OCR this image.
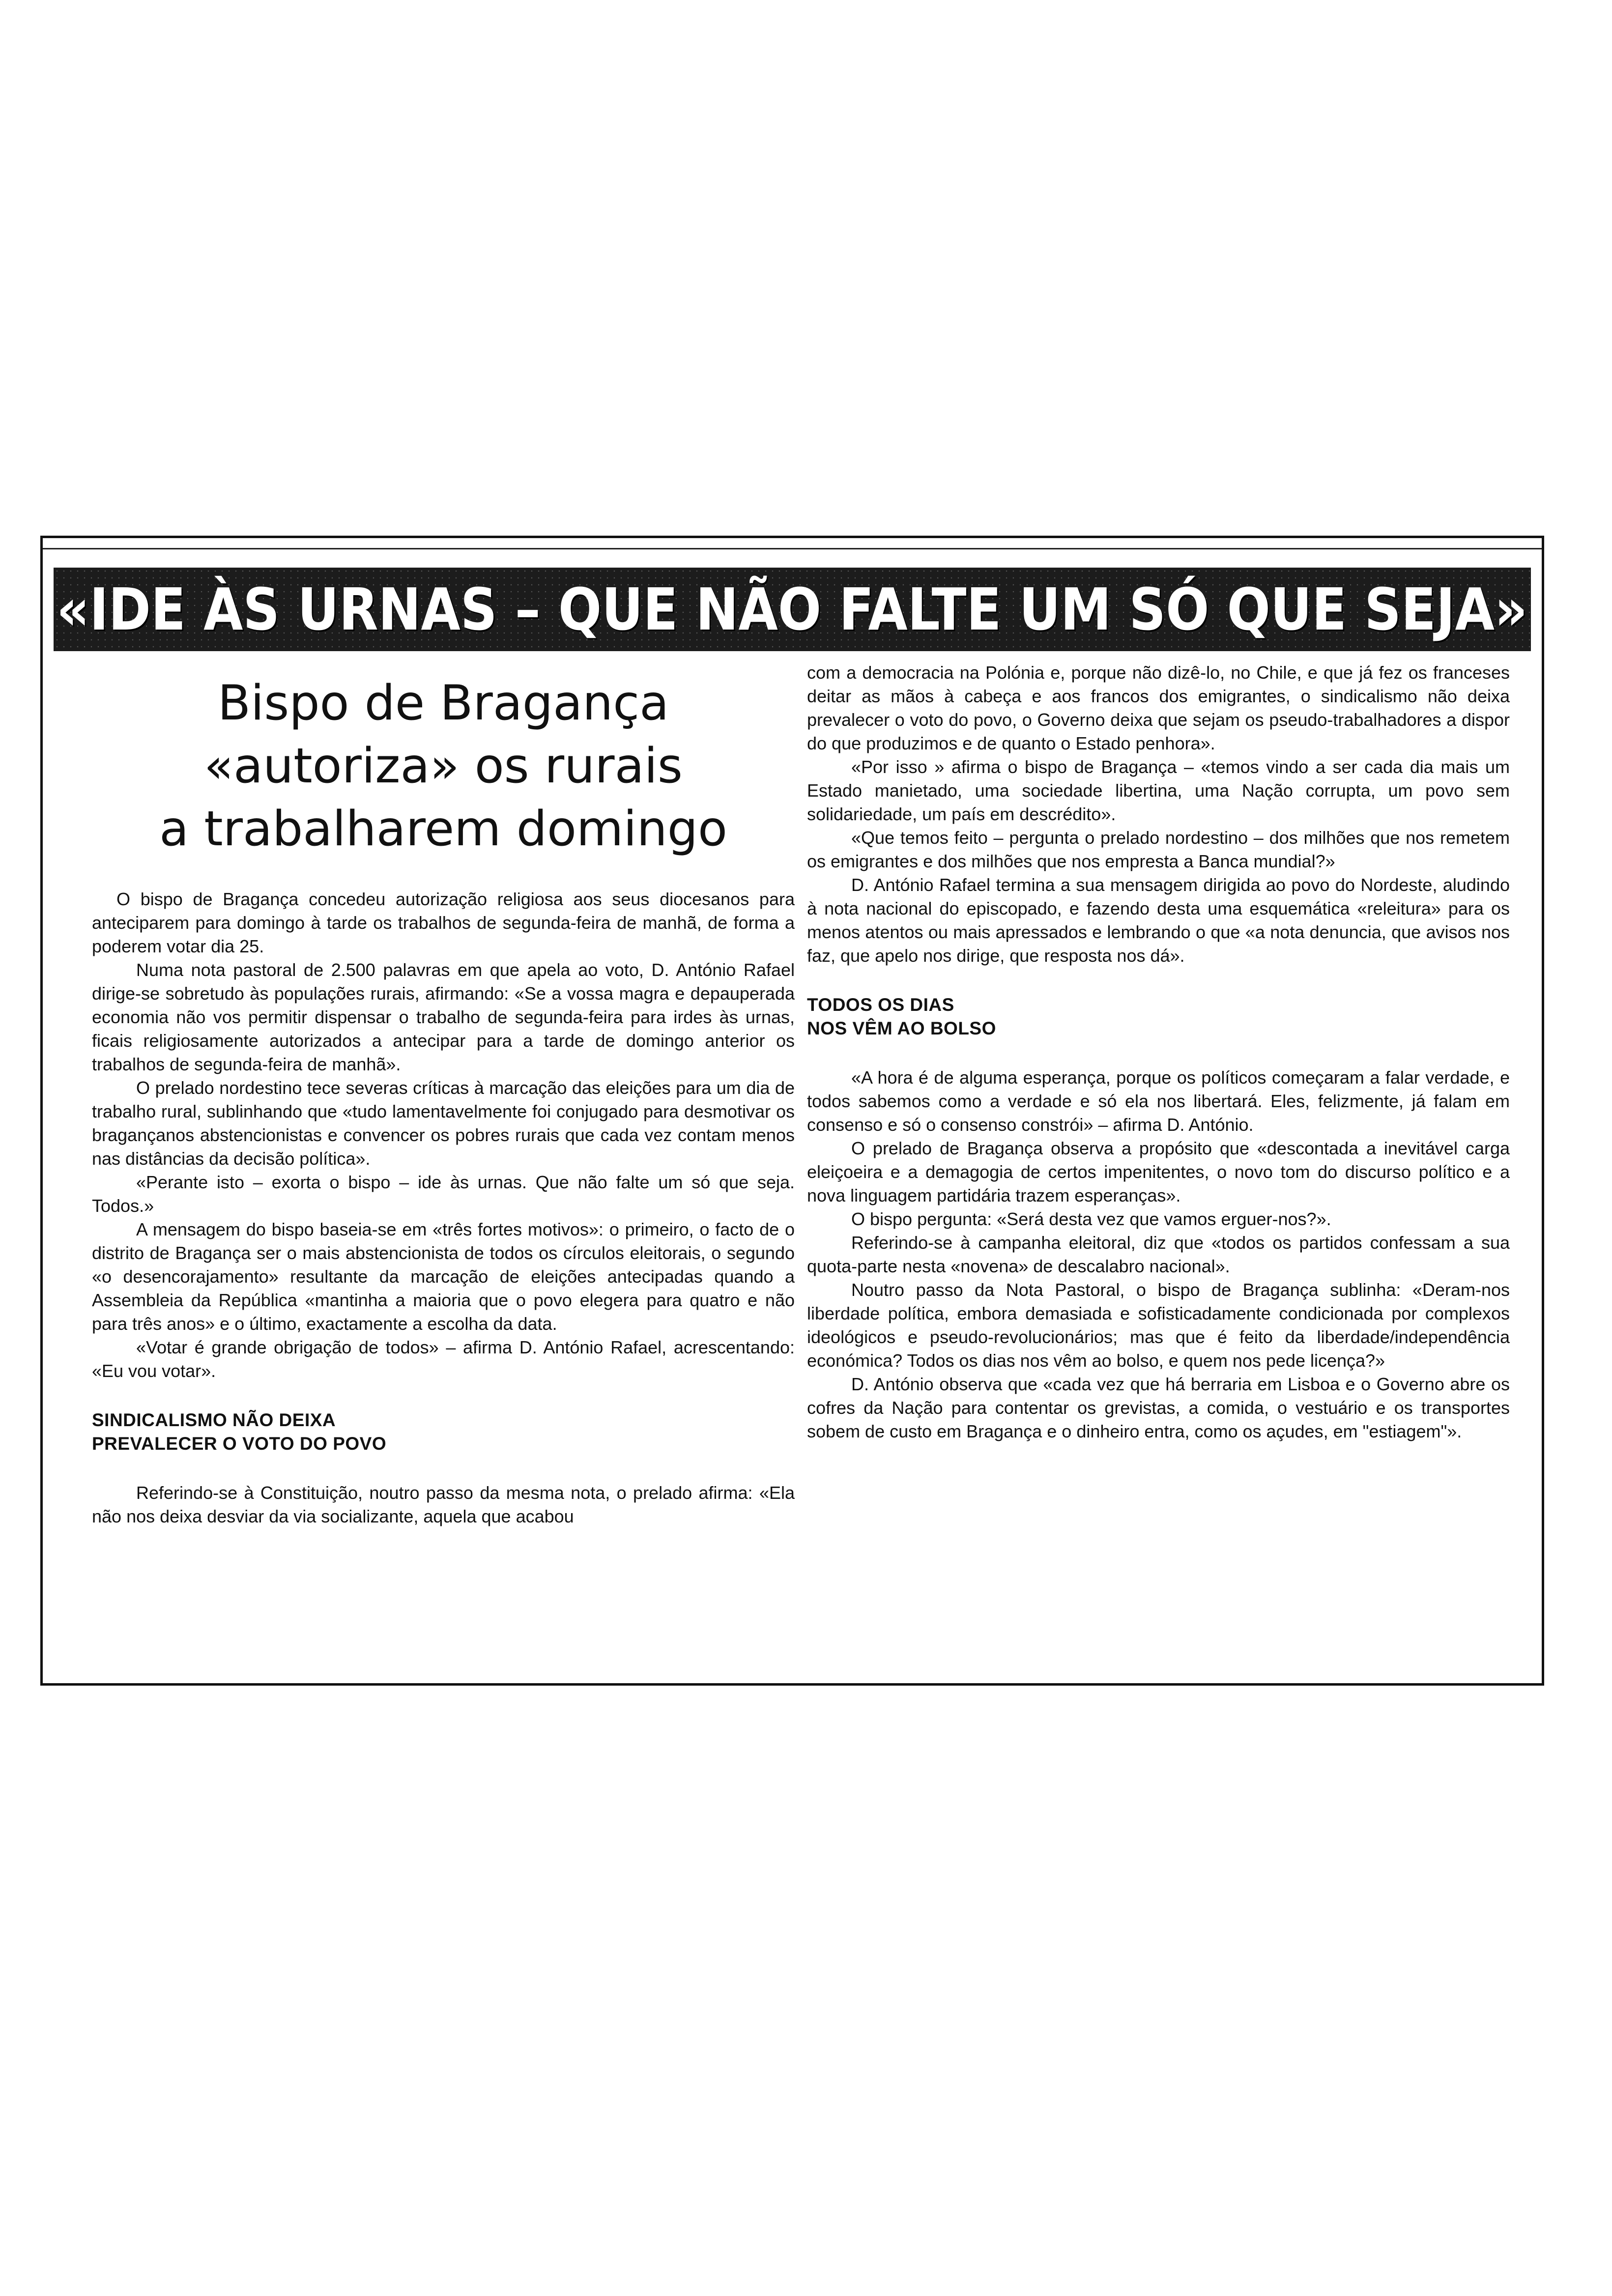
«IDE ÀS URNAS – QUE NÃO FALTE UM SÓ QUE SEJA»
Bispo de Bragança
«autoriza» os rurais
a trabalharem domingo

O bispo de Bragança concedeu autorização religiosa aos seus diocesanos para anteciparem para domingo à tarde os trabalhos de segunda-feira de manhã, de forma a poderem votar dia 25.

Numa nota pastoral de 2.500 palavras em que apela ao voto, D. António Rafael dirige-se sobretudo às populações rurais, afirmando: «Se a vossa magra e depauperada economia não vos permitir dispensar o trabalho de segunda-feira para irdes às urnas, ficais religiosamente autorizados a antecipar para a tarde de domingo anterior os trabalhos de segunda-feira de manhã».

O prelado nordestino tece severas críticas à marcação das eleições para um dia de trabalho rural, sublinhando que «tudo lamentavelmente foi conjugado para desmotivar os bragançanos abstencionistas e convencer os pobres rurais que cada vez contam menos nas distâncias da decisão política».

«Perante isto – exorta o bispo – ide às urnas. Que não falte um só que seja. Todos.»

A mensagem do bispo baseia-se em «três fortes motivos»: o primeiro, o facto de o distrito de Bragança ser o mais abstencionista de todos os círculos eleitorais, o segundo «o desencorajamento» resultante da marcação de eleições antecipadas quando a Assembleia da República «mantinha a maioria que o povo elegera para quatro e não para três anos» e o último, exactamente a escolha da data.

«Votar é grande obrigação de todos» – afirma D. António Rafael, acrescentando: «Eu vou votar».

SINDICALISMO NÃO DEIXA
PREVALECER O VOTO DO POVO

Referindo-se à Constituição, noutro passo da mesma nota, o prelado afirma: «Ela não nos deixa desviar da via socializante, aquela que acabou

com a democracia na Polónia e, porque não dizê-lo, no Chile, e que já fez os franceses deitar as mãos à cabeça e aos francos dos emigrantes, o sindicalismo não deixa prevalecer o voto do povo, o Governo deixa que sejam os pseudo-trabalhadores a dispor do que produzimos e de quanto o Estado penhora».

«Por isso » afirma o bispo de Bragança – «temos vindo a ser cada dia mais um Estado manietado, uma sociedade libertina, uma Nação corrupta, um povo sem solidariedade, um país em descrédito».

«Que temos feito – pergunta o prelado nordestino – dos milhões que nos remetem os emigrantes e dos milhões que nos empresta a Banca mundial?»

D. António Rafael termina a sua mensagem dirigida ao povo do Nordeste, aludindo à nota nacional do episcopado, e fazendo desta uma esquemática «releitura» para os menos atentos ou mais apressados e lembrando o que «a nota denuncia, que avisos nos faz, que apelo nos dirige, que resposta nos dá».

TODOS OS DIAS
NOS VÊM AO BOLSO

«A hora é de alguma esperança, porque os políticos começaram a falar verdade, e todos sabemos como a verdade e só ela nos libertará. Eles, felizmente, já falam em consenso e só o consenso constrói» – afirma D. António.

O prelado de Bragança observa a propósito que «descontada a inevitável carga eleiçoeira e a demagogia de certos impenitentes, o novo tom do discurso político e a nova linguagem partidária trazem esperanças».

O bispo pergunta: «Será desta vez que vamos erguer-nos?».

Referindo-se à campanha eleitoral, diz que «todos os partidos confessam a sua quota-parte nesta «novena» de descalabro nacional».

Noutro passo da Nota Pastoral, o bispo de Bragança sublinha: «Deram-nos liberdade política, embora demasiada e sofisticadamente condicionada por complexos ideológicos e pseudo-revolucionários; mas que é feito da liberdade/independência económica? Todos os dias nos vêm ao bolso, e quem nos pede licença?»

D. António observa que «cada vez que há berraria em Lisboa e o Governo abre os cofres da Nação para contentar os grevistas, a comida, o vestuário e os transportes sobem de custo em Bragança e o dinheiro entra, como os açudes, em "estiagem"».
